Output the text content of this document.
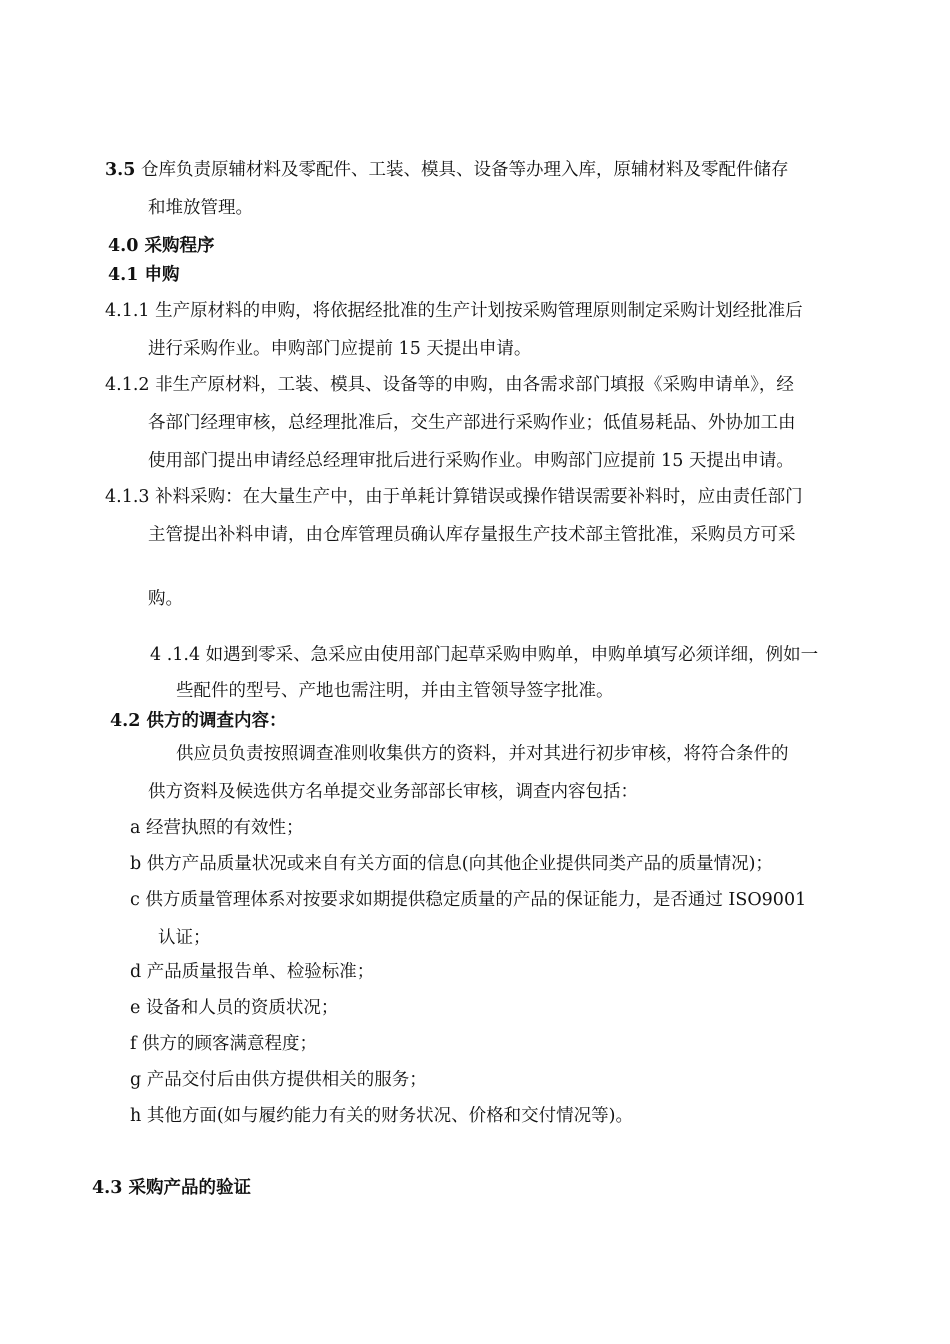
3.5 仓库负责原辅材料及零配件、工装、模具、设备等办理入库，原辅材料及零配件储存
和堆放管理。
4.0 采购程序
4.1 申购
4.1.1 生产原材料的申购，将依据经批准的生产计划按采购管理原则制定采购计划经批准后
进行采购作业。申购部门应提前 15 天提出申请。
4.1.2 非生产原材料，工装、模具、设备等的申购，由各需求部门填报《采购申请单》，经
各部门经理审核，总经理批准后，交生产部进行采购作业；低值易耗品、外协加工由
使用部门提出申请经总经理审批后进行采购作业。申购部门应提前 15 天提出申请。
4.1.3 补料采购：在大量生产中，由于单耗计算错误或操作错误需要补料时，应由责任部门
主管提出补料申请，由仓库管理员确认库存量报生产技术部主管批准，采购员方可采
购。
4 .1.4 如遇到零采、急采应由使用部门起草采购申购单，申购单填写必须详细，例如一
些配件的型号、产地也需注明，并由主管领导签字批准。
4.2 供方的调查内容：
供应员负责按照调查准则收集供方的资料，并对其进行初步审核，将符合条件的
供方资料及候选供方名单提交业务部部长审核，调查内容包括：
a 经营执照的有效性；
b 供方产品质量状况或来自有关方面的信息(向其他企业提供同类产品的质量情况)；
c 供方质量管理体系对按要求如期提供稳定质量的产品的保证能力，是否通过 ISO9001
认证；
d 产品质量报告单、检验标准；
e 设备和人员的资质状况；
f 供方的顾客满意程度；
g 产品交付后由供方提供相关的服务；
h 其他方面(如与履约能力有关的财务状况、价格和交付情况等)。
4.3 采购产品的验证
